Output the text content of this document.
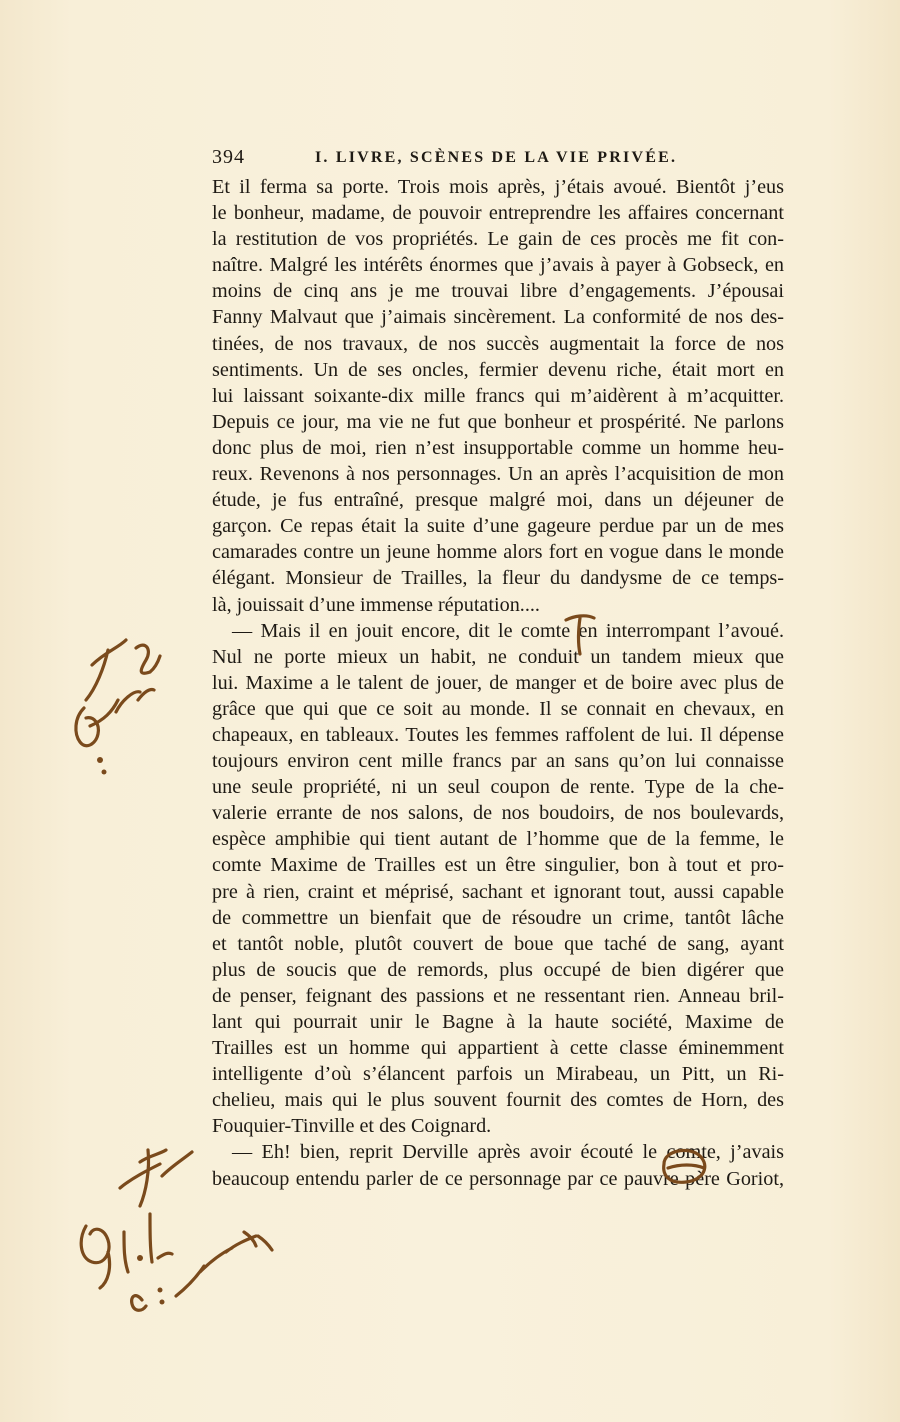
394	I. LIVRE, SCÈNES DE LA VIE PRIVÉE.
Et il ferma sa porte. Trois mois après, j’étais avoué. Bientôt j’eus
le bonheur, madame, de pouvoir entreprendre les affaires concernant
la restitution de vos propriétés. Le gain de ces procès me fit con-
naître. Malgré les intérêts énormes que j’avais à payer à Gobseck, en
moins de cinq ans je me trouvai libre d’engagements. J’épousai
Fanny Malvaut que j’aimais sincèrement. La conformité de nos des-
tinées, de nos travaux, de nos succès augmentait la force de nos
sentiments. Un de ses oncles, fermier devenu riche, était mort en
lui laissant soixante-dix mille francs qui m’aidèrent à m’acquitter.
Depuis ce jour, ma vie ne fut que bonheur et prospérité. Ne parlons
donc plus de moi, rien n’est insupportable comme un homme heu-
reux. Revenons à nos personnages. Un an après l’acquisition de mon
étude, je fus entraîné, presque malgré moi, dans un déjeuner de
garçon. Ce repas était la suite d’une gageure perdue par un de mes
camarades contre un jeune homme alors fort en vogue dans le monde
élégant. Monsieur de Trailles, la fleur du dandysme de ce temps-
là, jouissait d’une immense réputation....
— Mais il en jouit encore, dit le comte en interrompant l’avoué.
Nul ne porte mieux un habit, ne conduit un tandem mieux que
lui. Maxime a le talent de jouer, de manger et de boire avec plus de
grâce que qui que ce soit au monde. Il se connait en chevaux, en
chapeaux, en tableaux. Toutes les femmes raffolent de lui. Il dépense
toujours environ cent mille francs par an sans qu’on lui connaisse
une seule propriété, ni un seul coupon de rente. Type de la che-
valerie errante de nos salons, de nos boudoirs, de nos boulevards,
espèce amphibie qui tient autant de l’homme que de la femme, le
comte Maxime de Trailles est un être singulier, bon à tout et pro-
pre à rien, craint et méprisé, sachant et ignorant tout, aussi capable
de commettre un bienfait que de résoudre un crime, tantôt lâche
et tantôt noble, plutôt couvert de boue que taché de sang, ayant
plus de soucis que de remords, plus occupé de bien digérer que
de penser, feignant des passions et ne ressentant rien. Anneau bril-
lant qui pourrait unir le Bagne à la haute société, Maxime de
Trailles est un homme qui appartient à cette classe éminemment
intelligente d’où s’élancent parfois un Mirabeau, un Pitt, un Ri-
chelieu, mais qui le plus souvent fournit des comtes de Horn, des
Fouquier-Tinville et des Coignard.
— Eh! bien, reprit Derville après avoir écouté le comte, j’avais
beaucoup entendu parler de ce personnage par ce pauvre père Goriot,
